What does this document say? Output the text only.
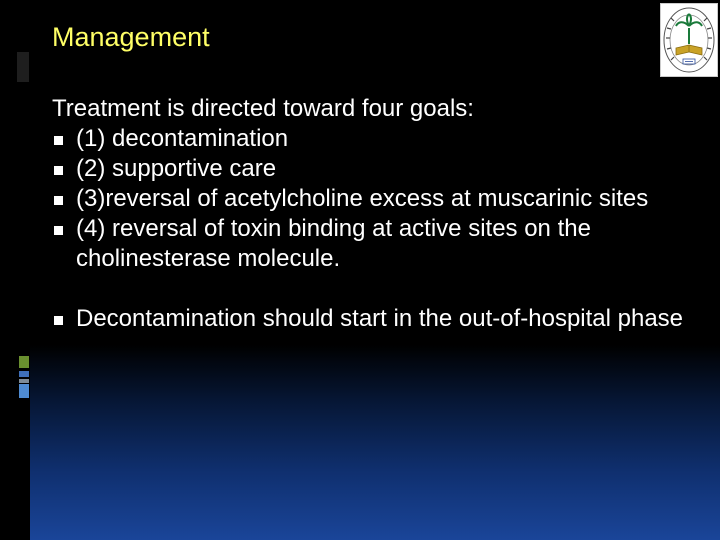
Management

Treatment is directed toward four goals:

(1) decontamination
(2) supportive care
(3)reversal of acetylcholine excess at muscarinic sites
(4) reversal of toxin binding at active sites on the cholinesterase molecule.
Decontamination should start in the out-of-hospital phase
